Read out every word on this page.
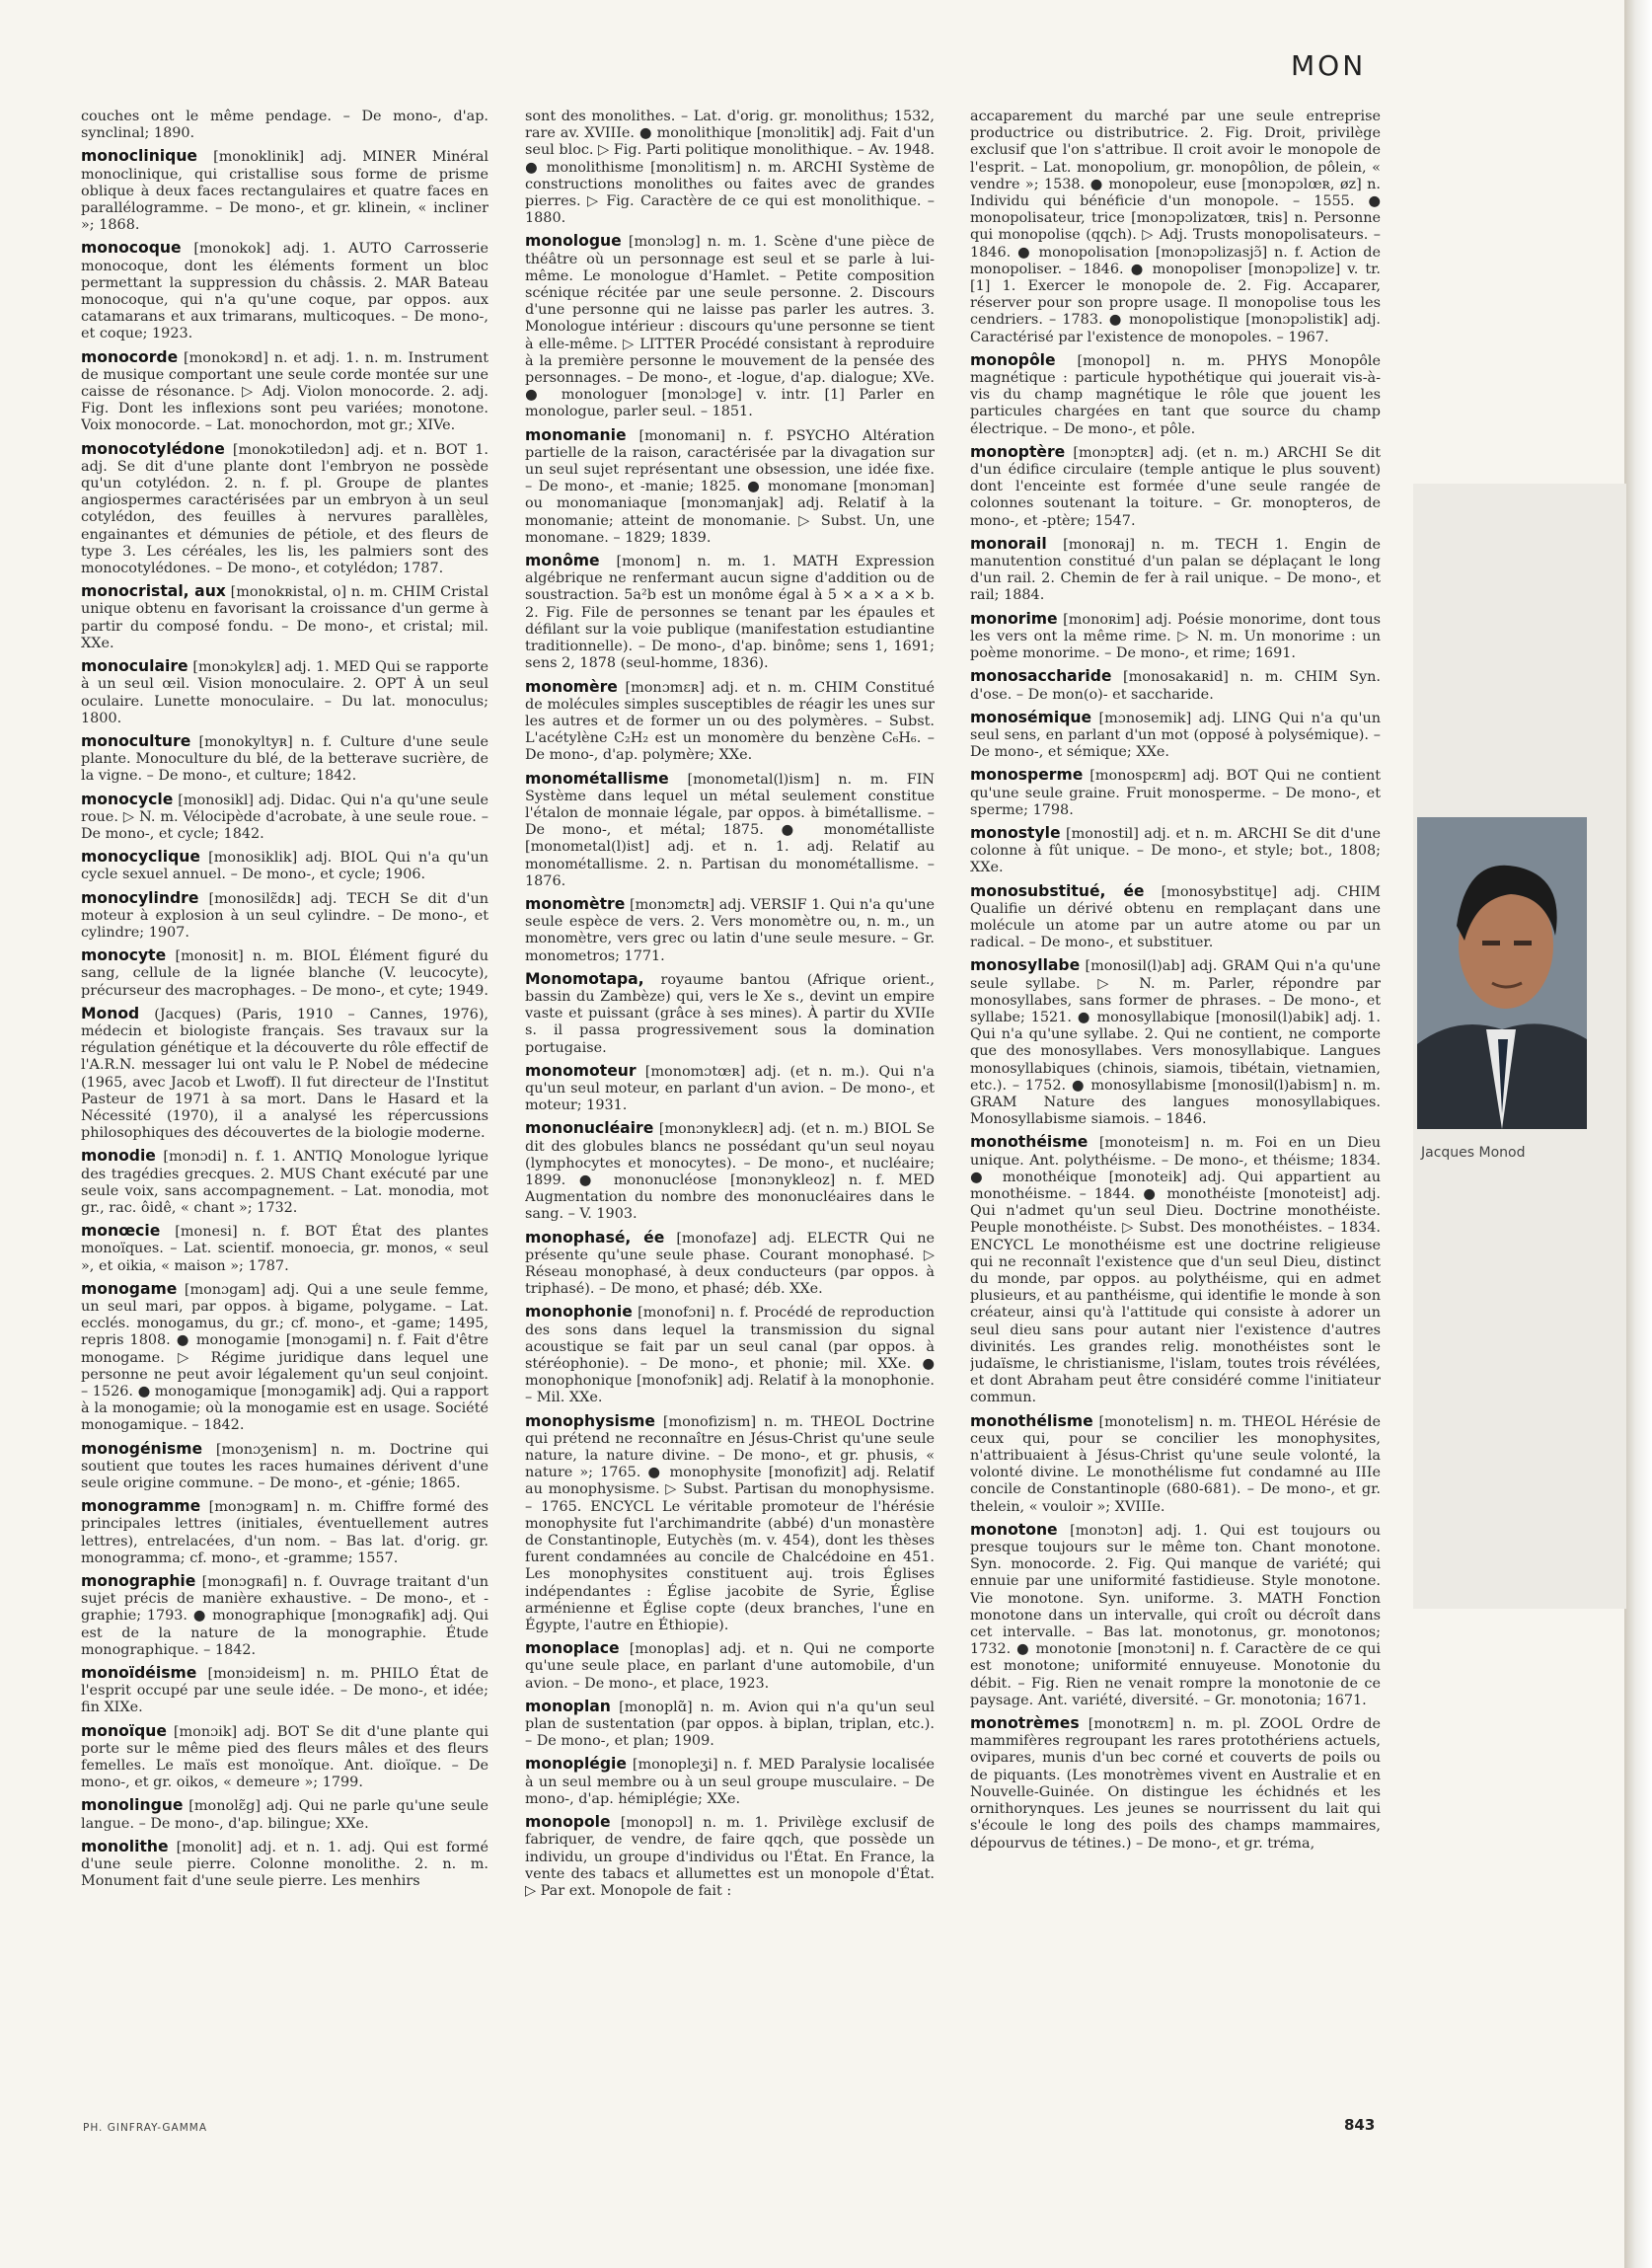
MON

couches ont le même pendage. – De mono-, d'ap. synclinal; 1890.

monoclinique [monoklinik] adj. MINER Minéral monoclinique, qui cristallise sous forme de prisme oblique à deux faces rectangulaires et quatre faces en parallélogramme. – De mono-, et gr. klinein, « incliner »; 1868.

monocoque [monokok] adj. 1. AUTO Carrosserie monocoque, dont les éléments forment un bloc permettant la suppression du châssis. 2. MAR Bateau monocoque, qui n'a qu'une coque, par oppos. aux catamarans et aux trimarans, multicoques. – De mono-, et coque; 1923.

monocorde [monokɔʀd] n. et adj. 1. n. m. Instrument de musique comportant une seule corde montée sur une caisse de résonance. ▷ Adj. Violon monocorde. 2. adj. Fig. Dont les inflexions sont peu variées; monotone. Voix monocorde. – Lat. monochordon, mot gr.; XIVe.

monocotylédone [monokɔtiledɔn] adj. et n. BOT 1. adj. Se dit d'une plante dont l'embryon ne possède qu'un cotylédon. 2. n. f. pl. Groupe de plantes angiospermes caractérisées par un embryon à un seul cotylédon, des feuilles à nervures parallèles, engainantes et démunies de pétiole, et des fleurs de type 3. Les céréales, les lis, les palmiers sont des monocotylédones. – De mono-, et cotylédon; 1787.

monocristal, aux [monokʀistal, o] n. m. CHIM Cristal unique obtenu en favorisant la croissance d'un germe à partir du composé fondu. – De mono-, et cristal; mil. XXe.

monoculaire [monɔkylɛʀ] adj. 1. MED Qui se rapporte à un seul œil. Vision monoculaire. 2. OPT À un seul oculaire. Lunette monoculaire. – Du lat. monoculus; 1800.

monoculture [monokyltyʀ] n. f. Culture d'une seule plante. Monoculture du blé, de la betterave sucrière, de la vigne. – De mono-, et culture; 1842.

monocycle [monosikl] adj. Didac. Qui n'a qu'une seule roue. ▷ N. m. Vélocipède d'acrobate, à une seule roue. – De mono-, et cycle; 1842.

monocyclique [monosiklik] adj. BIOL Qui n'a qu'un cycle sexuel annuel. – De mono-, et cycle; 1906.

monocylindre [monosilɛ̃dʀ] adj. TECH Se dit d'un moteur à explosion à un seul cylindre. – De mono-, et cylindre; 1907.

monocyte [monosit] n. m. BIOL Élément figuré du sang, cellule de la lignée blanche (V. leucocyte), précurseur des macrophages. – De mono-, et cyte; 1949.

Monod (Jacques) (Paris, 1910 – Cannes, 1976), médecin et biologiste français. Ses travaux sur la régulation génétique et la découverte du rôle effectif de l'A.R.N. messager lui ont valu le P. Nobel de médecine (1965, avec Jacob et Lwoff). Il fut directeur de l'Institut Pasteur de 1971 à sa mort. Dans le Hasard et la Nécessité (1970), il a analysé les répercussions philosophiques des découvertes de la biologie moderne.

monodie [monɔdi] n. f. 1. ANTIQ Monologue lyrique des tragédies grecques. 2. MUS Chant exécuté par une seule voix, sans accompagnement. – Lat. monodia, mot gr., rac. ôidê, « chant »; 1732.

monœcie [monesi] n. f. BOT État des plantes monoïques. – Lat. scientif. monoecia, gr. monos, « seul », et oikia, « maison »; 1787.

monogame [monɔgam] adj. Qui a une seule femme, un seul mari, par oppos. à bigame, polygame. – Lat. ecclés. monogamus, du gr.; cf. mono-, et -game; 1495, repris 1808. ● monogamie [monɔgami] n. f. Fait d'être monogame. ▷ Régime juridique dans lequel une personne ne peut avoir légalement qu'un seul conjoint. – 1526. ● monogamique [monɔgamik] adj. Qui a rapport à la monogamie; où la monogamie est en usage. Société monogamique. – 1842.

monogénisme [monɔʒenism] n. m. Doctrine qui soutient que toutes les races humaines dérivent d'une seule origine commune. – De mono-, et -génie; 1865.

monogramme [monɔgʀam] n. m. Chiffre formé des principales lettres (initiales, éventuellement autres lettres), entrelacées, d'un nom. – Bas lat. d'orig. gr. monogramma; cf. mono-, et -gramme; 1557.

monographie [monɔgʀafi] n. f. Ouvrage traitant d'un sujet précis de manière exhaustive. – De mono-, et -graphie; 1793. ● monographique [monɔgʀafik] adj. Qui est de la nature de la monographie. Étude monographique. – 1842.

monoïdéisme [monɔideism] n. m. PHILO État de l'esprit occupé par une seule idée. – De mono-, et idée; fin XIXe.

monoïque [monɔik] adj. BOT Se dit d'une plante qui porte sur le même pied des fleurs mâles et des fleurs femelles. Le maïs est monoïque. Ant. dioïque. – De mono-, et gr. oikos, « demeure »; 1799.

monolingue [monolɛ̃g] adj. Qui ne parle qu'une seule langue. – De mono-, d'ap. bilingue; XXe.

monolithe [monolit] adj. et n. 1. adj. Qui est formé d'une seule pierre. Colonne monolithe. 2. n. m. Monument fait d'une seule pierre. Les menhirs

sont des monolithes. – Lat. d'orig. gr. monolithus; 1532, rare av. XVIIIe. ● monolithique [monɔlitik] adj. Fait d'un seul bloc. ▷ Fig. Parti politique monolithique. – Av. 1948. ● monolithisme [monɔlitism] n. m. ARCHI Système de constructions monolithes ou faites avec de grandes pierres. ▷ Fig. Caractère de ce qui est monolithique. – 1880.

monologue [monɔlɔg] n. m. 1. Scène d'une pièce de théâtre où un personnage est seul et se parle à lui-même. Le monologue d'Hamlet. – Petite composition scénique récitée par une seule personne. 2. Discours d'une personne qui ne laisse pas parler les autres. 3. Monologue intérieur : discours qu'une personne se tient à elle-même. ▷ LITTER Procédé consistant à reproduire à la première personne le mouvement de la pensée des personnages. – De mono-, et -logue, d'ap. dialogue; XVe. ● monologuer [monɔlɔge] v. intr. [1] Parler en monologue, parler seul. – 1851.

monomanie [monomani] n. f. PSYCHO Altération partielle de la raison, caractérisée par la divagation sur un seul sujet représentant une obsession, une idée fixe. – De mono-, et -manie; 1825. ● monomane [monɔman] ou monomaniaque [monɔmanjak] adj. Relatif à la monomanie; atteint de monomanie. ▷ Subst. Un, une monomane. – 1829; 1839.

monôme [monom] n. m. 1. MATH Expression algébrique ne renfermant aucun signe d'addition ou de soustraction. 5a²b est un monôme égal à 5 × a × a × b. 2. Fig. File de personnes se tenant par les épaules et défilant sur la voie publique (manifestation estudiantine traditionnelle). – De mono-, d'ap. binôme; sens 1, 1691; sens 2, 1878 (seul-homme, 1836).

monomère [monɔmɛʀ] adj. et n. m. CHIM Constitué de molécules simples susceptibles de réagir les unes sur les autres et de former un ou des polymères. – Subst. L'acétylène C₂H₂ est un monomère du benzène C₆H₆. – De mono-, d'ap. polymère; XXe.

monométallisme [monometal(l)ism] n. m. FIN Système dans lequel un métal seulement constitue l'étalon de monnaie légale, par oppos. à bimétallisme. – De mono-, et métal; 1875. ● monométalliste [monometal(l)ist] adj. et n. 1. adj. Relatif au monométallisme. 2. n. Partisan du monométallisme. – 1876.

monomètre [monɔmɛtʀ] adj. VERSIF 1. Qui n'a qu'une seule espèce de vers. 2. Vers monomètre ou, n. m., un monomètre, vers grec ou latin d'une seule mesure. – Gr. monometros; 1771.

Monomotapa, royaume bantou (Afrique orient., bassin du Zambèze) qui, vers le Xe s., devint un empire vaste et puissant (grâce à ses mines). À partir du XVIIe s. il passa progressivement sous la domination portugaise.

monomoteur [monomɔtœʀ] adj. (et n. m.). Qui n'a qu'un seul moteur, en parlant d'un avion. – De mono-, et moteur; 1931.

mononucléaire [monɔnykleɛʀ] adj. (et n. m.) BIOL Se dit des globules blancs ne possédant qu'un seul noyau (lymphocytes et monocytes). – De mono-, et nucléaire; 1899. ● mononucléose [monɔnykleoz] n. f. MED Augmentation du nombre des mononucléaires dans le sang. – V. 1903.

monophasé, ée [monofaze] adj. ELECTR Qui ne présente qu'une seule phase. Courant monophasé. ▷ Réseau monophasé, à deux conducteurs (par oppos. à triphasé). – De mono, et phasé; déb. XXe.

monophonie [monofɔni] n. f. Procédé de reproduction des sons dans lequel la transmission du signal acoustique se fait par un seul canal (par oppos. à stéréophonie). – De mono-, et phonie; mil. XXe. ● monophonique [monofɔnik] adj. Relatif à la monophonie. – Mil. XXe.

monophysisme [monofizism] n. m. THEOL Doctrine qui prétend ne reconnaître en Jésus-Christ qu'une seule nature, la nature divine. – De mono-, et gr. phusis, « nature »; 1765. ● monophysite [monofizit] adj. Relatif au monophysisme. ▷ Subst. Partisan du monophysisme. – 1765. ENCYCL Le véritable promoteur de l'hérésie monophysite fut l'archimandrite (abbé) d'un monastère de Constantinople, Eutychès (m. v. 454), dont les thèses furent condamnées au concile de Chalcédoine en 451. Les monophysites constituent auj. trois Églises indépendantes : Église jacobite de Syrie, Église arménienne et Église copte (deux branches, l'une en Égypte, l'autre en Éthiopie).

monoplace [monoplas] adj. et n. Qui ne comporte qu'une seule place, en parlant d'une automobile, d'un avion. – De mono-, et place, 1923.

monoplan [monoplɑ̃] n. m. Avion qui n'a qu'un seul plan de sustentation (par oppos. à biplan, triplan, etc.). – De mono-, et plan; 1909.

monoplégie [monopleʒi] n. f. MED Paralysie localisée à un seul membre ou à un seul groupe musculaire. – De mono-, d'ap. hémiplégie; XXe.

monopole [monopɔl] n. m. 1. Privilège exclusif de fabriquer, de vendre, de faire qqch, que possède un individu, un groupe d'individus ou l'État. En France, la vente des tabacs et allumettes est un monopole d'État. ▷ Par ext. Monopole de fait :

accaparement du marché par une seule entreprise productrice ou distributrice. 2. Fig. Droit, privilège exclusif que l'on s'attribue. Il croit avoir le monopole de l'esprit. – Lat. monopolium, gr. monopôlion, de pôlein, « vendre »; 1538. ● monopoleur, euse [monɔpɔlœʀ, øz] n. Individu qui bénéficie d'un monopole. – 1555. ● monopolisateur, trice [monɔpɔlizatœʀ, tʀis] n. Personne qui monopolise (qqch). ▷ Adj. Trusts monopolisateurs. – 1846. ● monopolisation [monɔpɔlizasjɔ̃] n. f. Action de monopoliser. – 1846. ● monopoliser [monɔpɔlize] v. tr. [1] 1. Exercer le monopole de. 2. Fig. Accaparer, réserver pour son propre usage. Il monopolise tous les cendriers. – 1783. ● monopolistique [monɔpɔlistik] adj. Caractérisé par l'existence de monopoles. – 1967.

monopôle [monopol] n. m. PHYS Monopôle magnétique : particule hypothétique qui jouerait vis-à-vis du champ magnétique le rôle que jouent les particules chargées en tant que source du champ électrique. – De mono-, et pôle.

monoptère [monɔptɛʀ] adj. (et n. m.) ARCHI Se dit d'un édifice circulaire (temple antique le plus souvent) dont l'enceinte est formée d'une seule rangée de colonnes soutenant la toiture. – Gr. monopteros, de mono-, et -ptère; 1547.

monorail [monoʀaj] n. m. TECH 1. Engin de manutention constitué d'un palan se déplaçant le long d'un rail. 2. Chemin de fer à rail unique. – De mono-, et rail; 1884.

monorime [monoʀim] adj. Poésie monorime, dont tous les vers ont la même rime. ▷ N. m. Un monorime : un poème monorime. – De mono-, et rime; 1691.

monosaccharide [monosakaʀid] n. m. CHIM Syn. d'ose. – De mon(o)- et saccharide.

monosémique [mɔnosemik] adj. LING Qui n'a qu'un seul sens, en parlant d'un mot (opposé à polysémique). – De mono-, et sémique; XXe.

monosperme [monospɛʀm] adj. BOT Qui ne contient qu'une seule graine. Fruit monosperme. – De mono-, et sperme; 1798.

monostyle [monostil] adj. et n. m. ARCHI Se dit d'une colonne à fût unique. – De mono-, et style; bot., 1808; XXe.

monosubstitué, ée [monosybstitɥe] adj. CHIM Qualifie un dérivé obtenu en remplaçant dans une molécule un atome par un autre atome ou par un radical. – De mono-, et substituer.

monosyllabe [monosil(l)ab] adj. GRAM Qui n'a qu'une seule syllabe. ▷ N. m. Parler, répondre par monosyllabes, sans former de phrases. – De mono-, et syllabe; 1521. ● monosyllabique [monosil(l)abik] adj. 1. Qui n'a qu'une syllabe. 2. Qui ne contient, ne comporte que des monosyllabes. Vers monosyllabique. Langues monosyllabiques (chinois, siamois, tibétain, vietnamien, etc.). – 1752. ● monosyllabisme [monosil(l)abism] n. m. GRAM Nature des langues monosyllabiques. Monosyllabisme siamois. – 1846.

monothéisme [monoteism] n. m. Foi en un Dieu unique. Ant. polythéisme. – De mono-, et théisme; 1834. ● monothéique [monoteik] adj. Qui appartient au monothéisme. – 1844. ● monothéiste [monoteist] adj. Qui n'admet qu'un seul Dieu. Doctrine monothéiste. Peuple monothéiste. ▷ Subst. Des monothéistes. – 1834. ENCYCL Le monothéisme est une doctrine religieuse qui ne reconnaît l'existence que d'un seul Dieu, distinct du monde, par oppos. au polythéisme, qui en admet plusieurs, et au panthéisme, qui identifie le monde à son créateur, ainsi qu'à l'attitude qui consiste à adorer un seul dieu sans pour autant nier l'existence d'autres divinités. Les grandes relig. monothéistes sont le judaïsme, le christianisme, l'islam, toutes trois révélées, et dont Abraham peut être considéré comme l'initiateur commun.

monothélisme [monotelism] n. m. THEOL Hérésie de ceux qui, pour se concilier les monophysites, n'attribuaient à Jésus-Christ qu'une seule volonté, la volonté divine. Le monothélisme fut condamné au IIIe concile de Constantinople (680-681). – De mono-, et gr. thelein, « vouloir »; XVIIIe.

monotone [monɔtɔn] adj. 1. Qui est toujours ou presque toujours sur le même ton. Chant monotone. Syn. monocorde. 2. Fig. Qui manque de variété; qui ennuie par une uniformité fastidieuse. Style monotone. Vie monotone. Syn. uniforme. 3. MATH Fonction monotone dans un intervalle, qui croît ou décroît dans cet intervalle. – Bas lat. monotonus, gr. monotonos; 1732. ● monotonie [monɔtɔni] n. f. Caractère de ce qui est monotone; uniformité ennuyeuse. Monotonie du débit. – Fig. Rien ne venait rompre la monotonie de ce paysage. Ant. variété, diversité. – Gr. monotonia; 1671.

monotrèmes [monotʀɛm] n. m. pl. ZOOL Ordre de mammifères regroupant les rares protothériens actuels, ovipares, munis d'un bec corné et couverts de poils ou de piquants. (Les monotrèmes vivent en Australie et en Nouvelle-Guinée. On distingue les échidnés et les ornithorynques. Les jeunes se nourrissent du lait qui s'écoule le long des poils des champs mammaires, dépourvus de tétines.) – De mono-, et gr. tréma,

Jacques Monod
PH. GINFRAY-GAMMA	843
